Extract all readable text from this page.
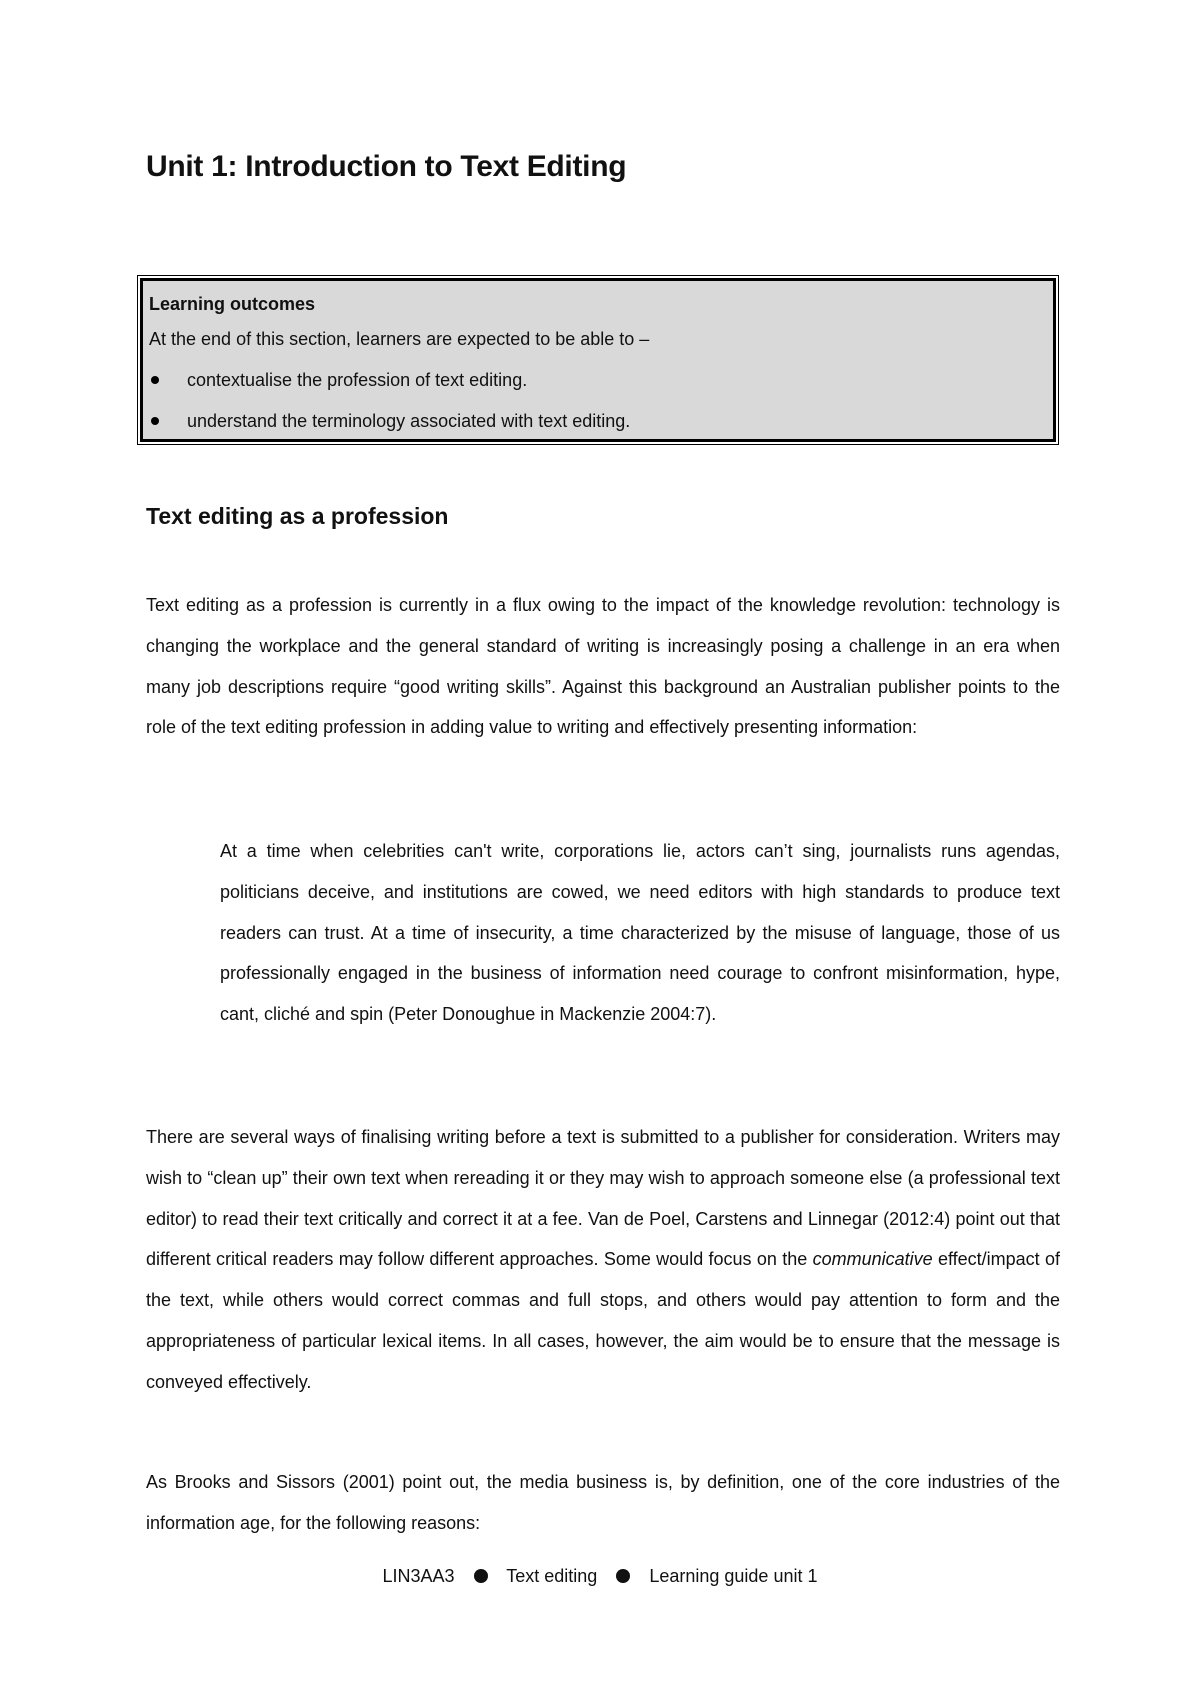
Unit 1: Introduction to Text Editing

Learning outcomes

At the end of this section, learners are expected to be able to –

contextualise the profession of text editing.
understand the terminology associated with text editing.
Text editing as a profession

Text editing as a profession is currently in a flux owing to the impact of the knowledge revolution: technology is changing the workplace and the general standard of writing is increasingly posing a challenge in an era when many job descriptions require “good writing skills”. Against this background an Australian publisher points to the role of the text editing profession in adding value to writing and effectively presenting information:

At a time when celebrities can't write, corporations lie, actors can’t sing, journalists runs agendas, politicians deceive, and institutions are cowed, we need editors with high standards to produce text readers can trust. At a time of insecurity, a time characterized by the misuse of language, those of us professionally engaged in the business of information need courage to confront misinformation, hype, cant, cliché and spin (Peter Donoughue in Mackenzie 2004:7).

There are several ways of finalising writing before a text is submitted to a publisher for consideration. Writers may wish to “clean up” their own text when rereading it or they may wish to approach someone else (a professional text editor) to read their text critically and correct it at a fee. Van de Poel, Carstens and Linnegar (2012:4) point out that different critical readers may follow different approaches. Some would focus on the communicative effect/impact of the text, while others would correct commas and full stops, and others would pay attention to form and the appropriateness of particular lexical items. In all cases, however, the aim would be to ensure that the message is conveyed effectively.

As Brooks and Sissors (2001) point out, the media business is, by definition, one of the core industries of the information age, for the following reasons:

LIN3AA3	Text editing	Learning guide unit 1
